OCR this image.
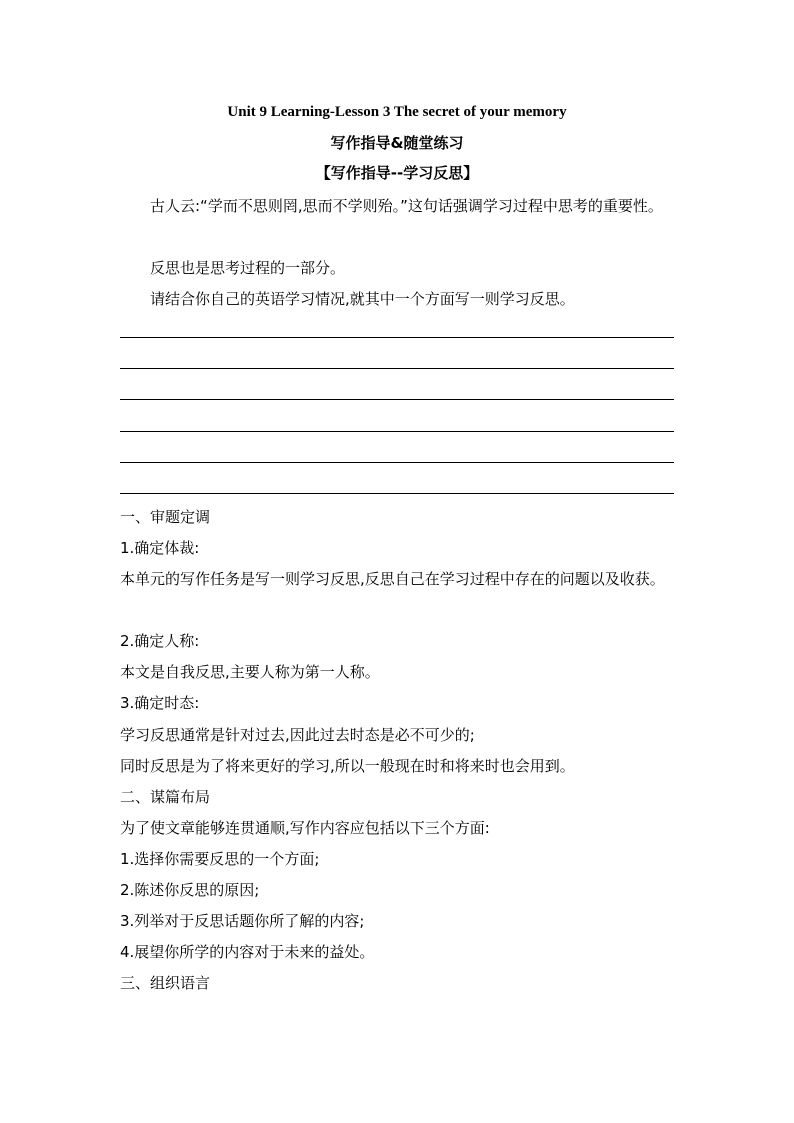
Unit 9 Learning-Lesson 3 The secret of your memory
写作指导&随堂练习
【写作指导--学习反思】
古人云:“学而不思则罔,思而不学则殆。”这句话强调学习过程中思考的重要性。
反思也是思考过程的一部分。
请结合你自己的英语学习情况,就其中一个方面写一则学习反思。
一、审题定调
1.确定体裁:
本单元的写作任务是写一则学习反思,反思自己在学习过程中存在的问题以及收获。
2.确定人称:
本文是自我反思,主要人称为第一人称。
3.确定时态:
学习反思通常是针对过去,因此过去时态是必不可少的;
同时反思是为了将来更好的学习,所以一般现在时和将来时也会用到。
二、谋篇布局
为了使文章能够连贯通顺,写作内容应包括以下三个方面:
1.选择你需要反思的一个方面;
2.陈述你反思的原因;
3.列举对于反思话题你所了解的内容;
4.展望你所学的内容对于未来的益处。
三、组织语言
